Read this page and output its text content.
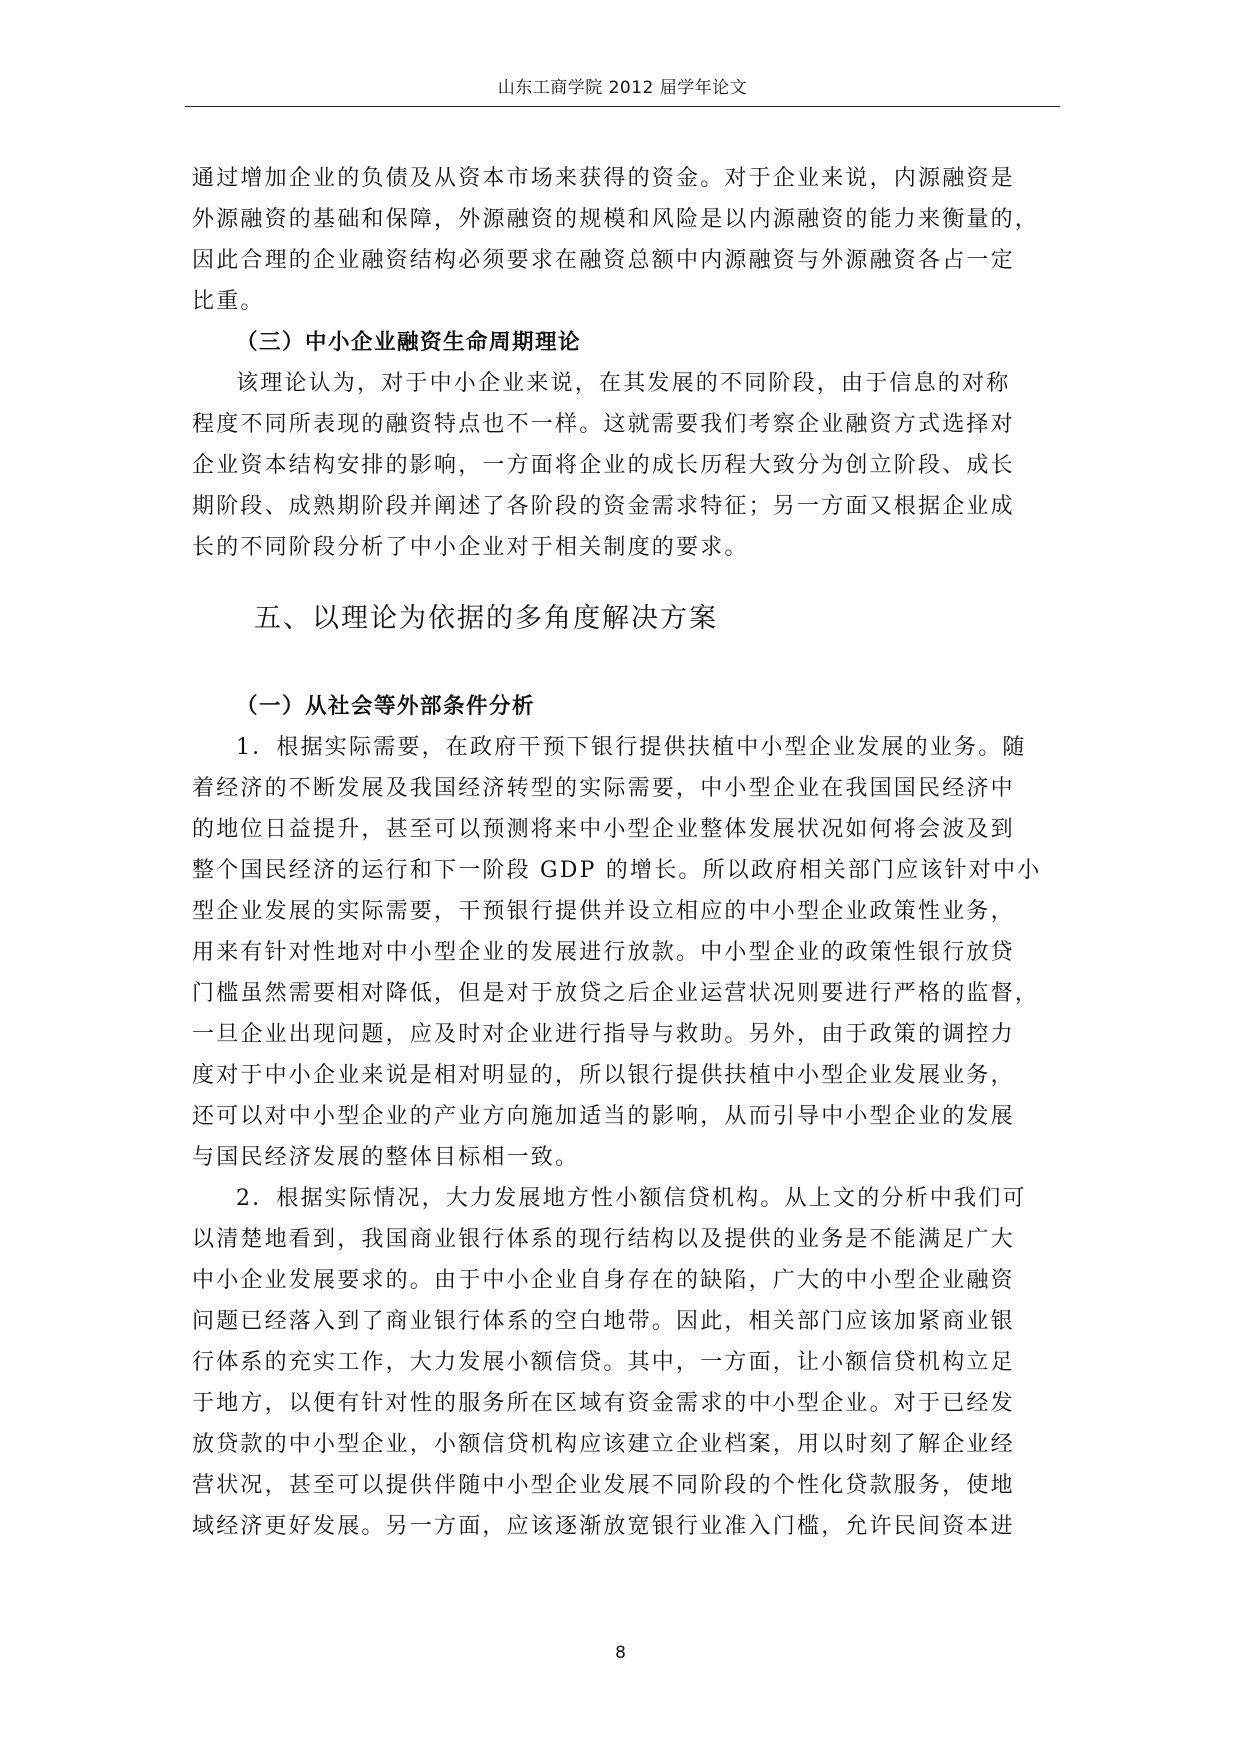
山东工商学院 2012 届学年论文
通过增加企业的负债及从资本市场来获得的资金。对于企业来说，内源融资是
外源融资的基础和保障，外源融资的规模和风险是以内源融资的能力来衡量的，
因此合理的企业融资结构必须要求在融资总额中内源融资与外源融资各占一定
比重。
（三）中小企业融资生命周期理论
该理论认为，对于中小企业来说，在其发展的不同阶段，由于信息的对称
程度不同所表现的融资特点也不一样。这就需要我们考察企业融资方式选择对
企业资本结构安排的影响，一方面将企业的成长历程大致分为创立阶段、成长
期阶段、成熟期阶段并阐述了各阶段的资金需求特征；另一方面又根据企业成
长的不同阶段分析了中小企业对于相关制度的要求。
五、以理论为依据的多角度解决方案
（一）从社会等外部条件分析
1．根据实际需要，在政府干预下银行提供扶植中小型企业发展的业务。随
着经济的不断发展及我国经济转型的实际需要，中小型企业在我国国民经济中
的地位日益提升，甚至可以预测将来中小型企业整体发展状况如何将会波及到
整个国民经济的运行和下一阶段 GDP 的增长。所以政府相关部门应该针对中小
型企业发展的实际需要，干预银行提供并设立相应的中小型企业政策性业务，
用来有针对性地对中小型企业的发展进行放款。中小型企业的政策性银行放贷
门槛虽然需要相对降低，但是对于放贷之后企业运营状况则要进行严格的监督，
一旦企业出现问题，应及时对企业进行指导与救助。另外，由于政策的调控力
度对于中小企业来说是相对明显的，所以银行提供扶植中小型企业发展业务，
还可以对中小型企业的产业方向施加适当的影响，从而引导中小型企业的发展
与国民经济发展的整体目标相一致。
2．根据实际情况，大力发展地方性小额信贷机构。从上文的分析中我们可
以清楚地看到，我国商业银行体系的现行结构以及提供的业务是不能满足广大
中小企业发展要求的。由于中小企业自身存在的缺陷，广大的中小型企业融资
问题已经落入到了商业银行体系的空白地带。因此，相关部门应该加紧商业银
行体系的充实工作，大力发展小额信贷。其中，一方面，让小额信贷机构立足
于地方，以便有针对性的服务所在区域有资金需求的中小型企业。对于已经发
放贷款的中小型企业，小额信贷机构应该建立企业档案，用以时刻了解企业经
营状况，甚至可以提供伴随中小型企业发展不同阶段的个性化贷款服务，使地
域经济更好发展。另一方面，应该逐渐放宽银行业准入门槛，允许民间资本进
8
